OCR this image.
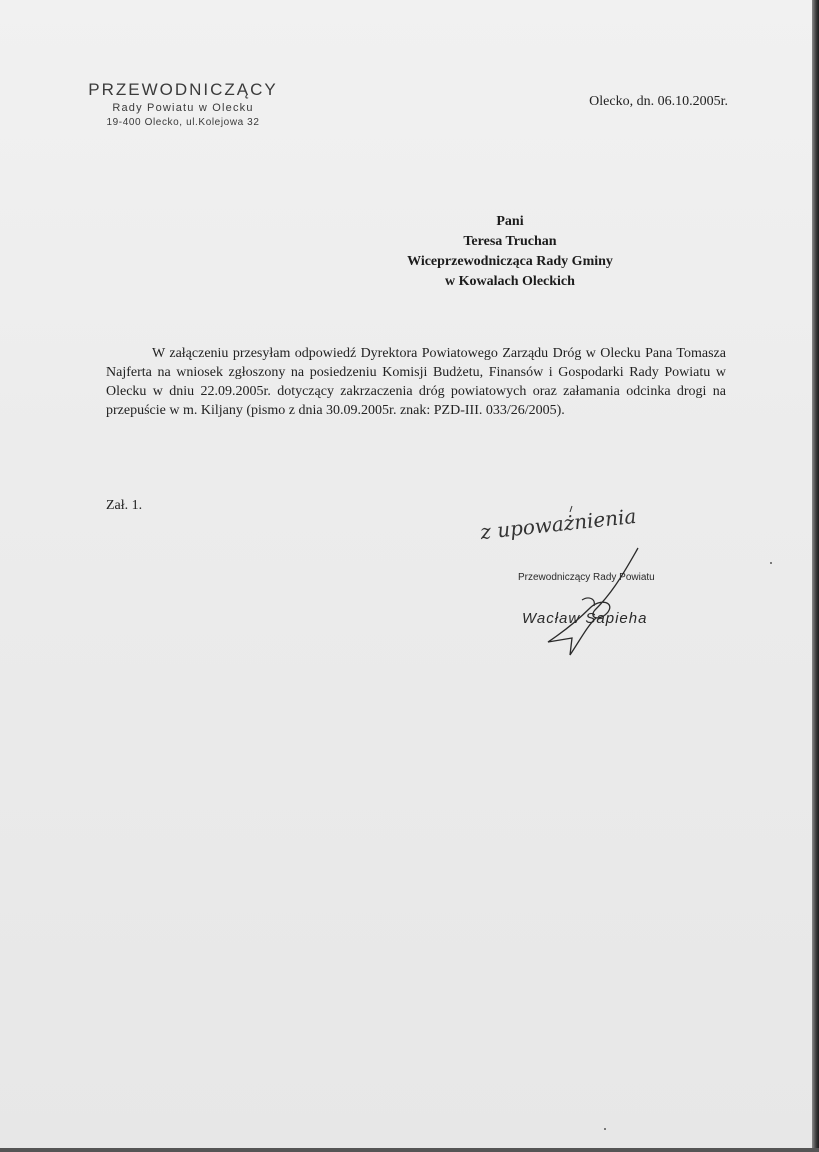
PRZEWODNICZĄCY
Rady Powiatu w Olecku
19-400 Olecko, ul.Kolejowa 32
Olecko, dn. 06.10.2005r.
Pani
Teresa Truchan
Wiceprzewodnicząca Rady Gminy
w Kowalach Oleckich
W załączeniu przesyłam odpowiedź Dyrektora Powiatowego Zarządu Dróg w Olecku Pana Tomasza Najferta na wniosek zgłoszony na posiedzeniu Komisji Budżetu, Finansów i Gospodarki Rady Powiatu w Olecku w dniu 22.09.2005r. dotyczący zakrzaczenia dróg powiatowych oraz załamania odcinka drogi na przepuście w m. Kiljany (pismo z dnia 30.09.2005r. znak: PZD-III. 033/26/2005).
Zał. 1.	z upoważnienia
Przewodniczący Rady Powiatu
Wacław Sapieha
